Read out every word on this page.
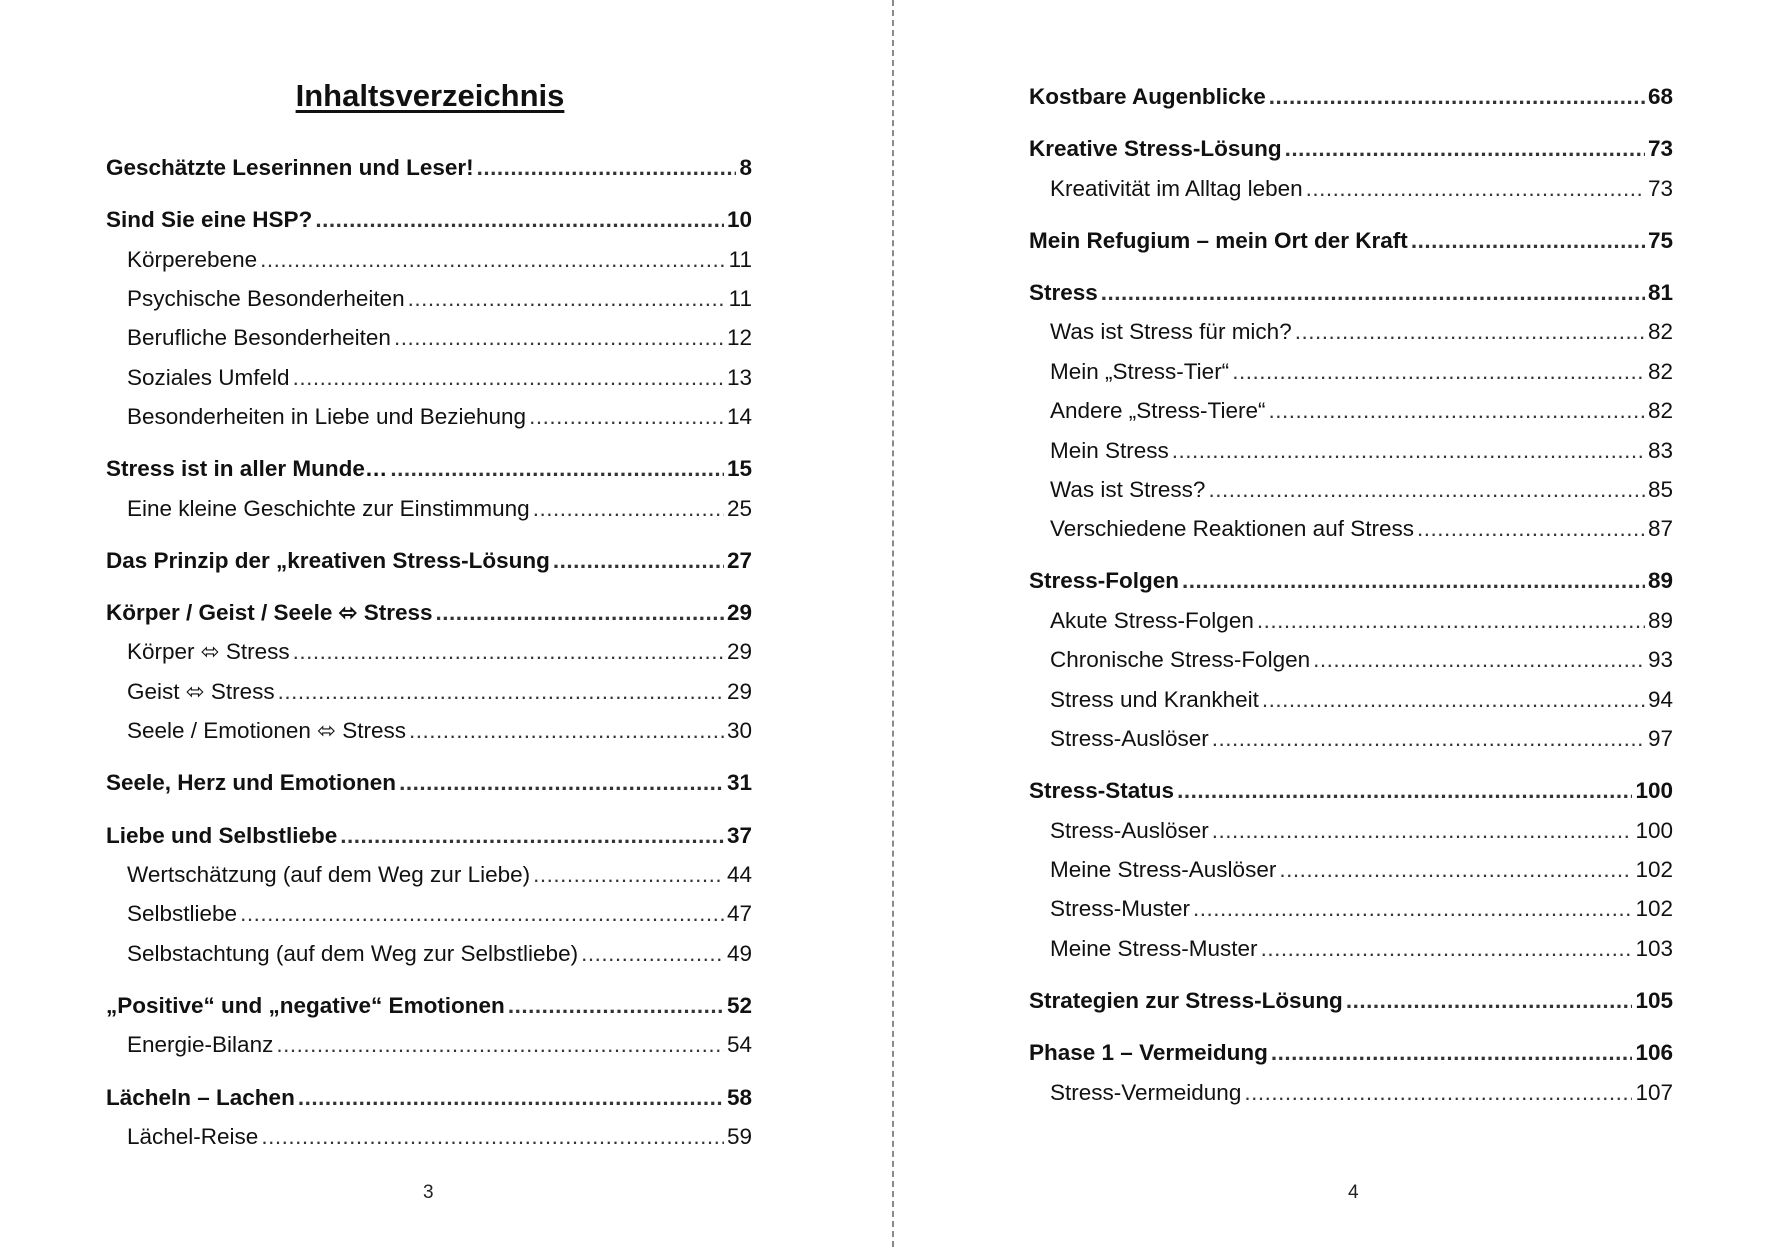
Inhaltsverzeichnis
Geschätzte Leserinnen und Leser! .....	8
Sind Sie eine HSP? .....	10
Körperebene .....	11
Psychische Besonderheiten .....	11
Berufliche Besonderheiten .....	12
Soziales Umfeld .....	13
Besonderheiten in Liebe und Beziehung .....	14
Stress ist in aller Munde… .....	15
Eine kleine Geschichte zur Einstimmung .....	25
Das Prinzip der „kreativen Stress-Lösung .....	27
Körper / Geist / Seele ⬄ Stress .....	29
Körper ⬄ Stress .....	29
Geist ⬄ Stress .....	29
Seele / Emotionen ⬄ Stress .....	30
Seele, Herz und Emotionen .....	31
Liebe und Selbstliebe .....	37
Wertschätzung (auf dem Weg zur Liebe) .....	44
Selbstliebe .....	47
Selbstachtung (auf dem Weg zur Selbstliebe) .....	49
„Positive“ und „negative“ Emotionen .....	52
Energie-Bilanz .....	54
Lächeln – Lachen .....	58
Lächel-Reise .....	59
3
Kostbare Augenblicke .....	68
Kreative Stress-Lösung .....	73
Kreativität im Alltag leben .....	73
Mein Refugium – mein Ort der Kraft .....	75
Stress .....	81
Was ist Stress für mich? .....	82
Mein „Stress-Tier“ .....	82
Andere „Stress-Tiere“ .....	82
Mein Stress .....	83
Was ist Stress? .....	85
Verschiedene Reaktionen auf Stress .....	87
Stress-Folgen .....	89
Akute Stress-Folgen .....	89
Chronische Stress-Folgen .....	93
Stress und Krankheit .....	94
Stress-Auslöser .....	97
Stress-Status .....	100
Stress-Auslöser .....	100
Meine Stress-Auslöser .....	102
Stress-Muster .....	102
Meine Stress-Muster .....	103
Strategien zur Stress-Lösung .....	105
Phase 1 – Vermeidung .....	106
Stress-Vermeidung .....	107
4
